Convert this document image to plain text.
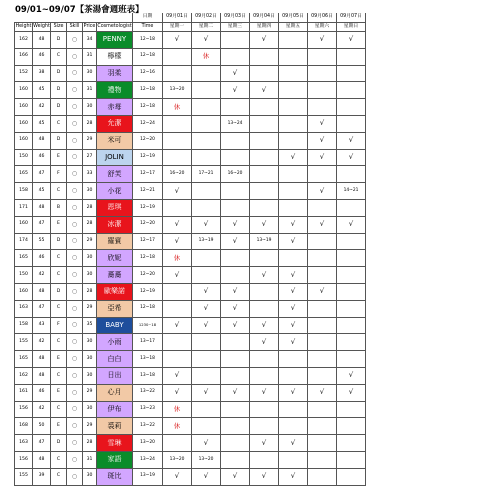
						日期	09月01日	09月02日	09月03日	09月04日	09月05日	09月06日	09月07日
Height	Weight	Size	Skill	Price	Cosmetologist	Time	星期一	星期二	星期三	星期四	星期五	星期六	星期日
162	48	D	○	34	PENNY	12~18	√	√		√		√	√
166	46	C	○	31	檸檬	12~18		休					
152	38	D	○	30	羽柔	12~16			√				
160	45	D	○	31	禮物	12~18	13~20		√	√			
160	42	D	○	30	赤苺	12~18	休						
160	45	C	○	28	允潔	12~24			13~24			√	
160	48	D	○	29	米可	12~20						√	√
150	46	E	○	27	JOLIN	12~19					√	√	√
165	47	F	○	33	舒芙	12~17	16~20	17~21	16~20				
158	45	C	○	30	小花	12~21	√					√	14~21
171	48	B	○	28	恩琪	12~19							
160	47	E	○	28	冰潔	12~20	√	√	√	√	√	√	√
174	55	D	○	29	羅賓	12~17	√	13~19	√	13~19	√		
165	46	C	○	30	欣妮	12~18	休						
150	42	C	○	30	蕎蕎	12~20	√			√	√		
160	48	D	○	28	歐樂諾	12~19		√	√		√	√	
163	47	C	○	29	亞希	12~18		√	√		√		
158	43	F	○	35	BABY	1230~18	√	√	√	√	√		
155	42	C	○	30	小雨	13~17				√	√		
165	48	E	○	30	白白	13~18							
162	48	C	○	30	日出	13~18	√						√
161	46	E	○	29	心月	13~22	√	√	√	√	√	√	√
156	42	C	○	30	伊布	13~23	休						
168	50	E	○	29	裘莉	13~22	休						
163	47	D	○	28	雪琳	13~20		√		√	√		
156	48	C	○	31	家語	13~24	13~20	13~20					
155	39	C	○	30	斑比	13~19	√	√	√	√	√		
09/01~09/07【茶湯會週班表】
